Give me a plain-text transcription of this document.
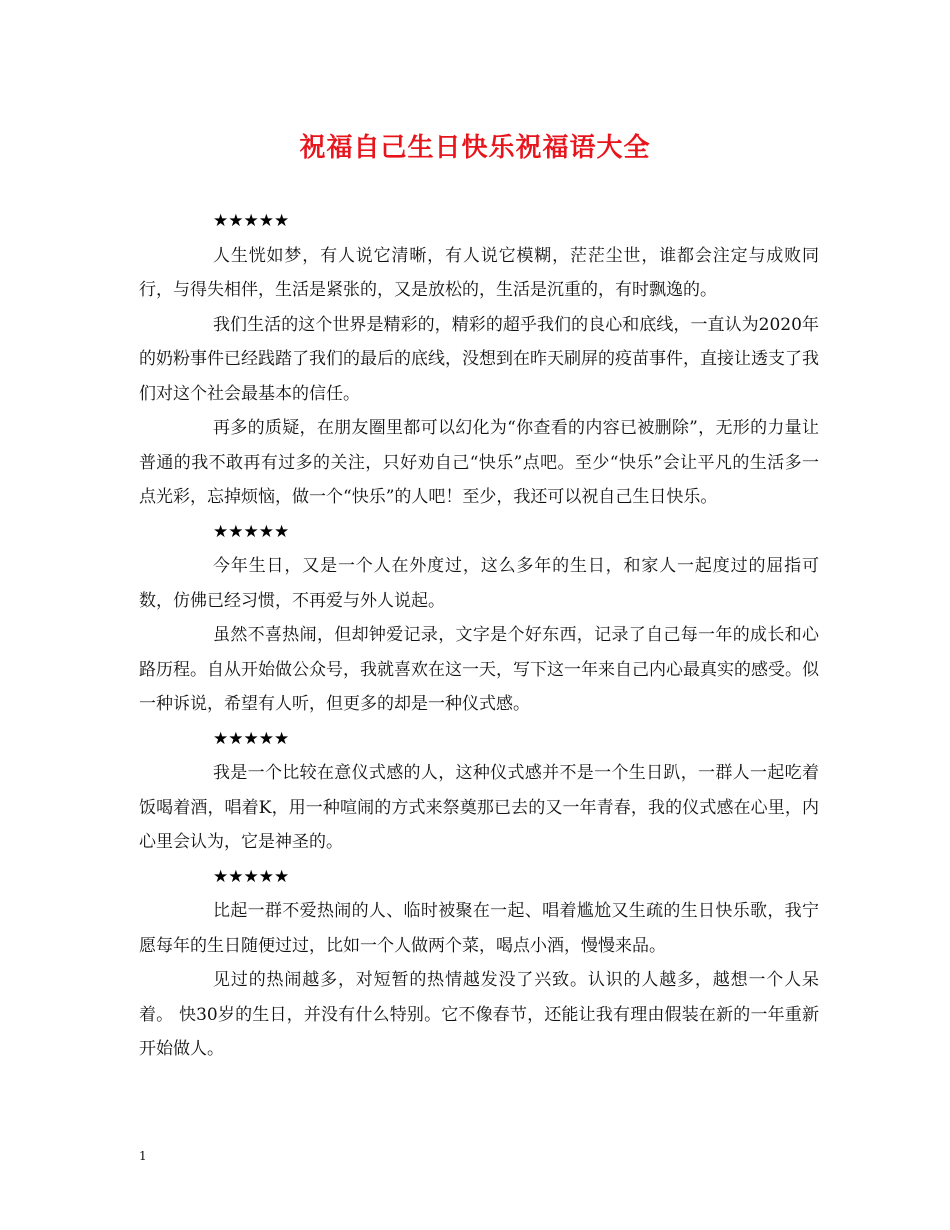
祝福自己生日快乐祝福语大全
★★★★★

人生恍如梦，有人说它清晰，有人说它模糊，茫茫尘世，谁都会注定与成败同行，与得失相伴，生活是紧张的，又是放松的，生活是沉重的，有时飘逸的。

我们生活的这个世界是精彩的，精彩的超乎我们的良心和底线，一直认为2020年的奶粉事件已经践踏了我们的最后的底线，没想到在昨天刷屏的疫苗事件，直接让透支了我们对这个社会最基本的信任。

再多的质疑，在朋友圈里都可以幻化为“你查看的内容已被删除”，无形的力量让普通的我不敢再有过多的关注，只好劝自己“快乐”点吧。至少“快乐”会让平凡的生活多一点光彩，忘掉烦恼，做一个“快乐”的人吧！至少，我还可以祝自己生日快乐。

★★★★★

今年生日，又是一个人在外度过，这么多年的生日，和家人一起度过的屈指可数，仿佛已经习惯，不再爱与外人说起。

虽然不喜热闹，但却钟爱记录，文字是个好东西，记录了自己每一年的成长和心路历程。自从开始做公众号，我就喜欢在这一天，写下这一年来自己内心最真实的感受。似一种诉说，希望有人听，但更多的却是一种仪式感。

★★★★★

我是一个比较在意仪式感的人，这种仪式感并不是一个生日趴，一群人一起吃着饭喝着酒，唱着K，用一种喧闹的方式来祭奠那已去的又一年青春，我的仪式感在心里，内心里会认为，它是神圣的。

★★★★★

比起一群不爱热闹的人、临时被聚在一起、唱着尴尬又生疏的生日快乐歌，我宁愿每年的生日随便过过，比如一个人做两个菜，喝点小酒，慢慢来品。

见过的热闹越多，对短暂的热情越发没了兴致。认识的人越多，越想一个人呆着。 快30岁的生日，并没有什么特别。它不像春节，还能让我有理由假装在新的一年重新开始做人。

1
